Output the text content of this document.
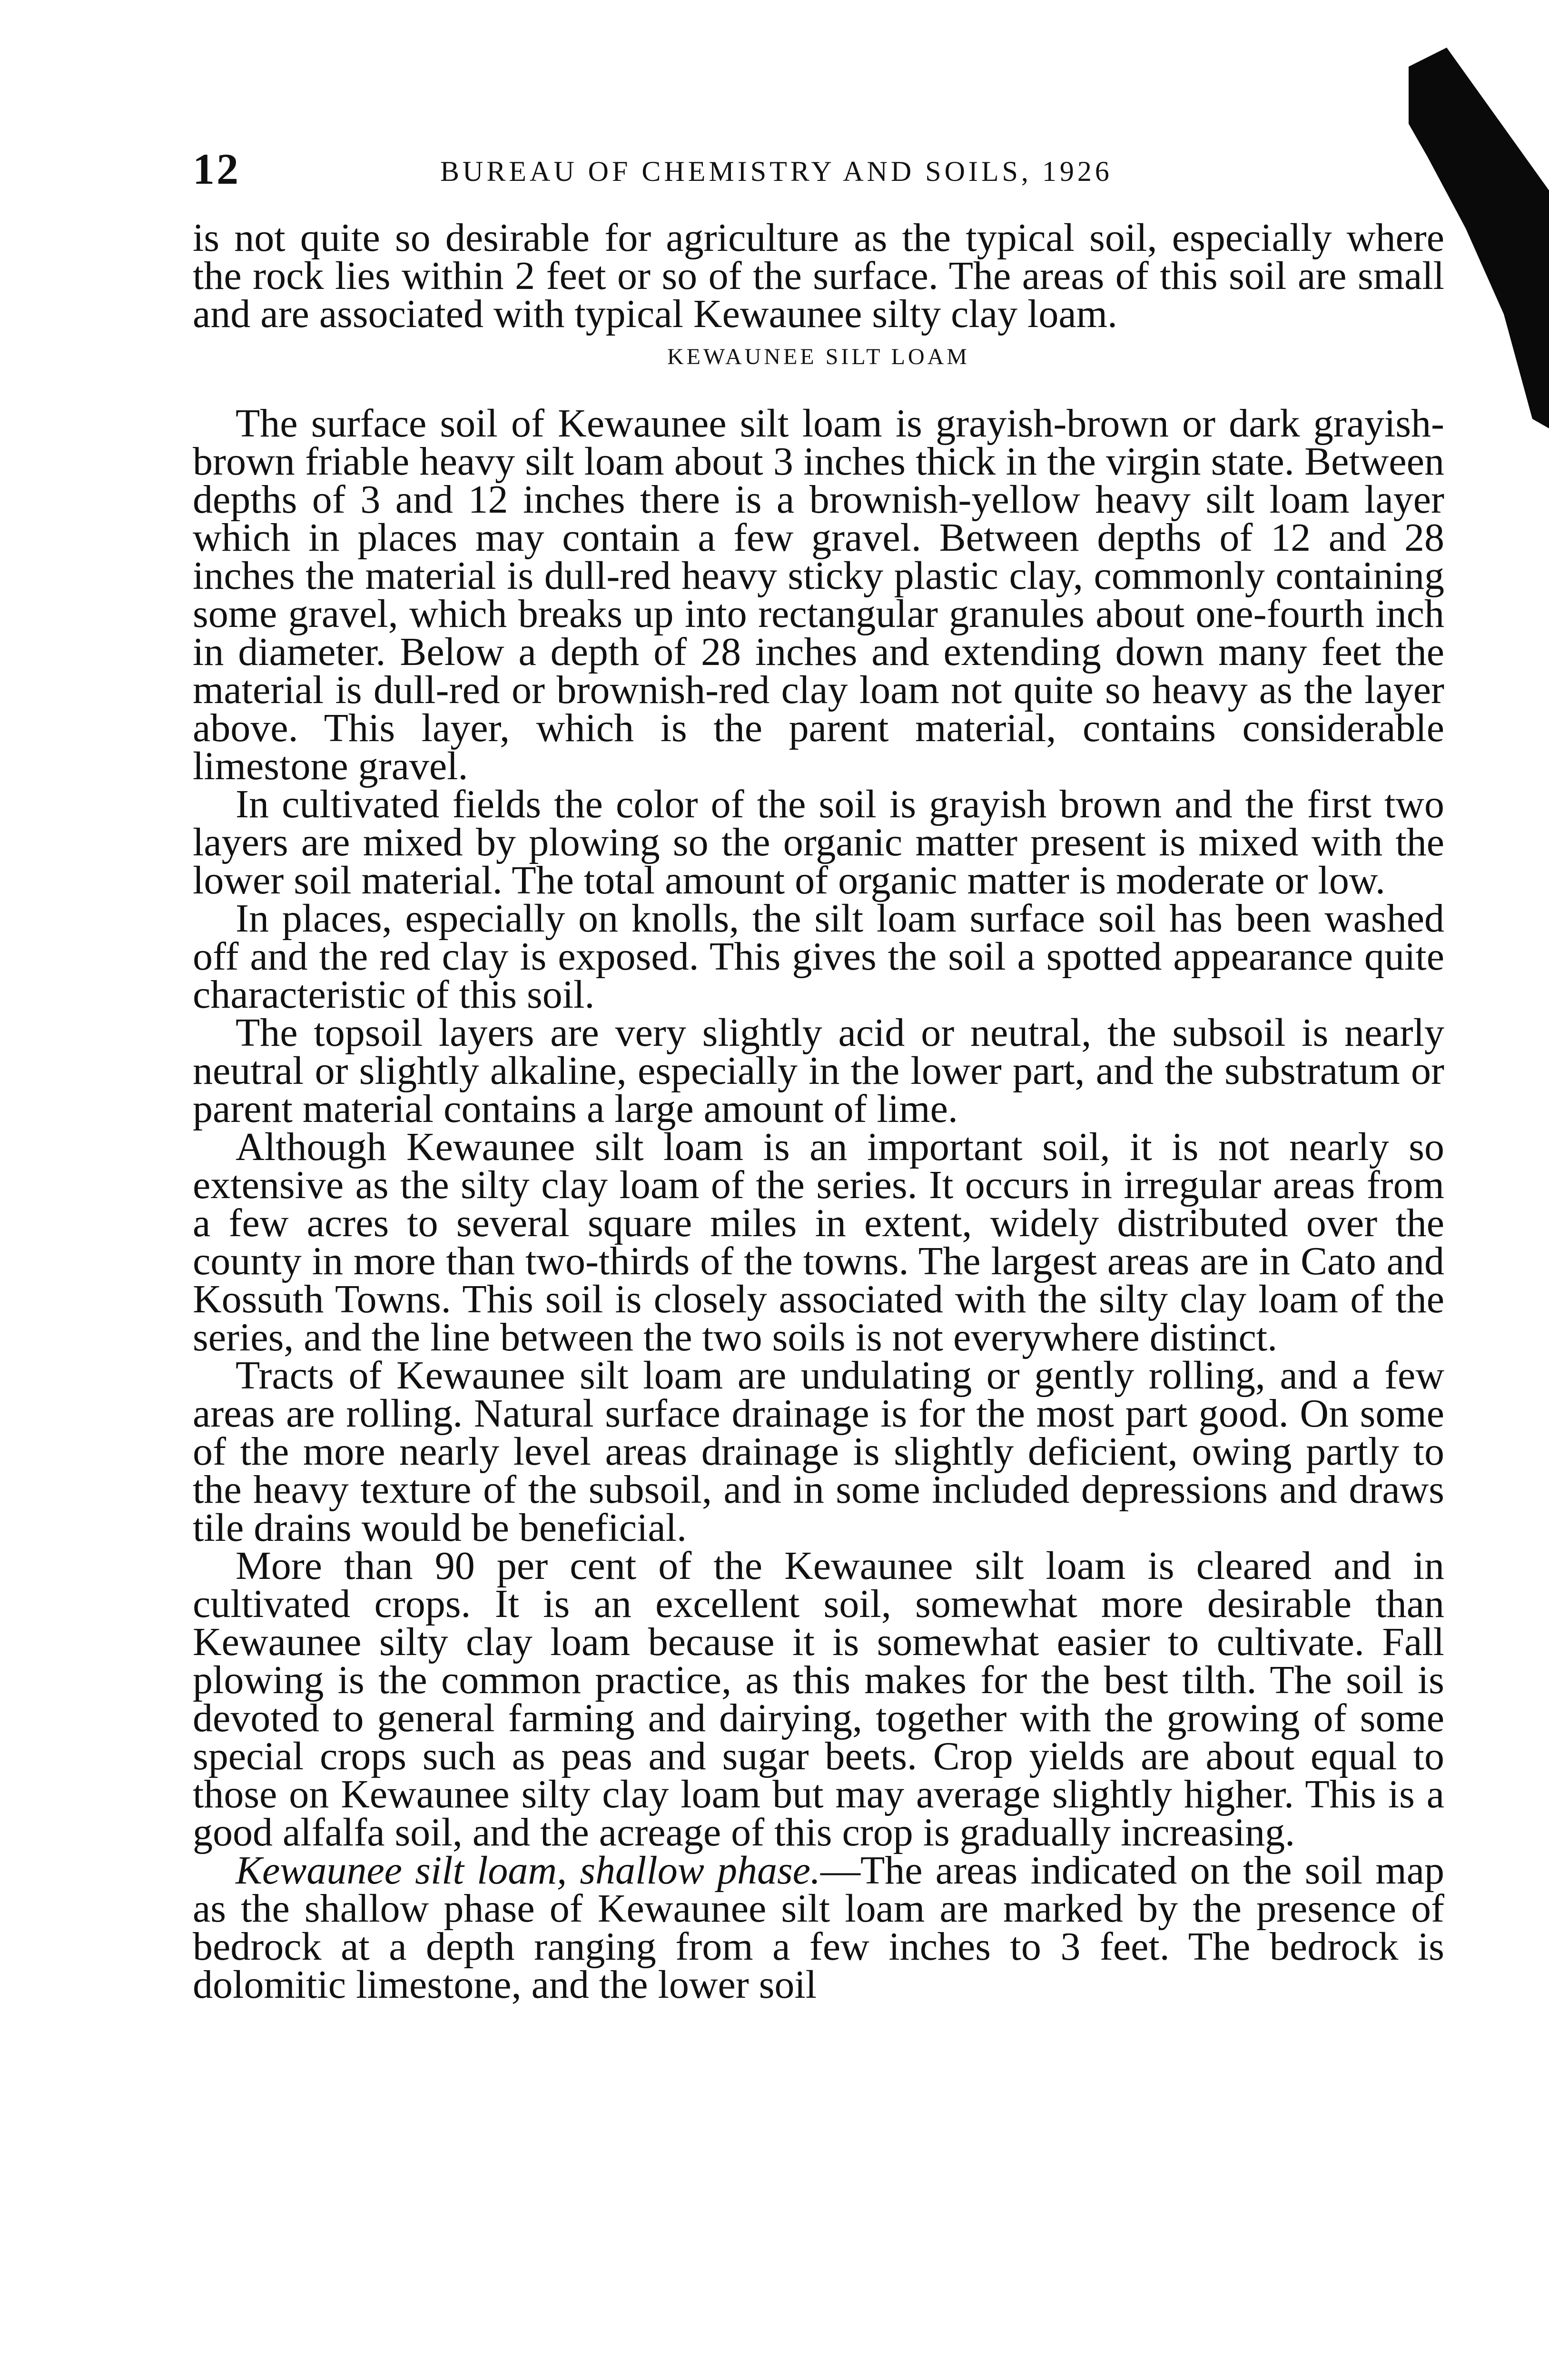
12	BUREAU OF CHEMISTRY AND SOILS, 1926

is not quite so desirable for agriculture as the typical soil, especially where the rock lies within 2 feet or so of the surface. The areas of this soil are small and are associated with typical Kewaunee silty clay loam.

KEWAUNEE SILT LOAM

The surface soil of Kewaunee silt loam is grayish-brown or dark grayish-brown friable heavy silt loam about 3 inches thick in the virgin state. Between depths of 3 and 12 inches there is a brownish-yellow heavy silt loam layer which in places may contain a few gravel. Between depths of 12 and 28 inches the material is dull-red heavy sticky plastic clay, commonly containing some gravel, which breaks up into rectangular granules about one-fourth inch in diameter. Below a depth of 28 inches and extending down many feet the material is dull-red or brownish-red clay loam not quite so heavy as the layer above. This layer, which is the parent material, contains considerable limestone gravel.

In cultivated fields the color of the soil is grayish brown and the first two layers are mixed by plowing so the organic matter present is mixed with the lower soil material. The total amount of organic matter is moderate or low.

In places, especially on knolls, the silt loam surface soil has been washed off and the red clay is exposed. This gives the soil a spotted appearance quite characteristic of this soil.

The topsoil layers are very slightly acid or neutral, the subsoil is nearly neutral or slightly alkaline, especially in the lower part, and the substratum or parent material contains a large amount of lime.

Although Kewaunee silt loam is an important soil, it is not nearly so extensive as the silty clay loam of the series. It occurs in irregular areas from a few acres to several square miles in extent, widely distributed over the county in more than two-thirds of the towns. The largest areas are in Cato and Kossuth Towns. This soil is closely associated with the silty clay loam of the series, and the line between the two soils is not everywhere distinct.

Tracts of Kewaunee silt loam are undulating or gently rolling, and a few areas are rolling. Natural surface drainage is for the most part good. On some of the more nearly level areas drainage is slightly deficient, owing partly to the heavy texture of the subsoil, and in some included depressions and draws tile drains would be beneficial.

More than 90 per cent of the Kewaunee silt loam is cleared and in cultivated crops. It is an excellent soil, somewhat more desirable than Kewaunee silty clay loam because it is somewhat easier to cultivate. Fall plowing is the common practice, as this makes for the best tilth. The soil is devoted to general farming and dairying, together with the growing of some special crops such as peas and sugar beets. Crop yields are about equal to those on Kewaunee silty clay loam but may average slightly higher. This is a good alfalfa soil, and the acreage of this crop is gradually increasing.

Kewaunee silt loam, shallow phase.—The areas indicated on the soil map as the shallow phase of Kewaunee silt loam are marked by the presence of bedrock at a depth ranging from a few inches to 3 feet. The bedrock is dolomitic limestone, and the lower soil
